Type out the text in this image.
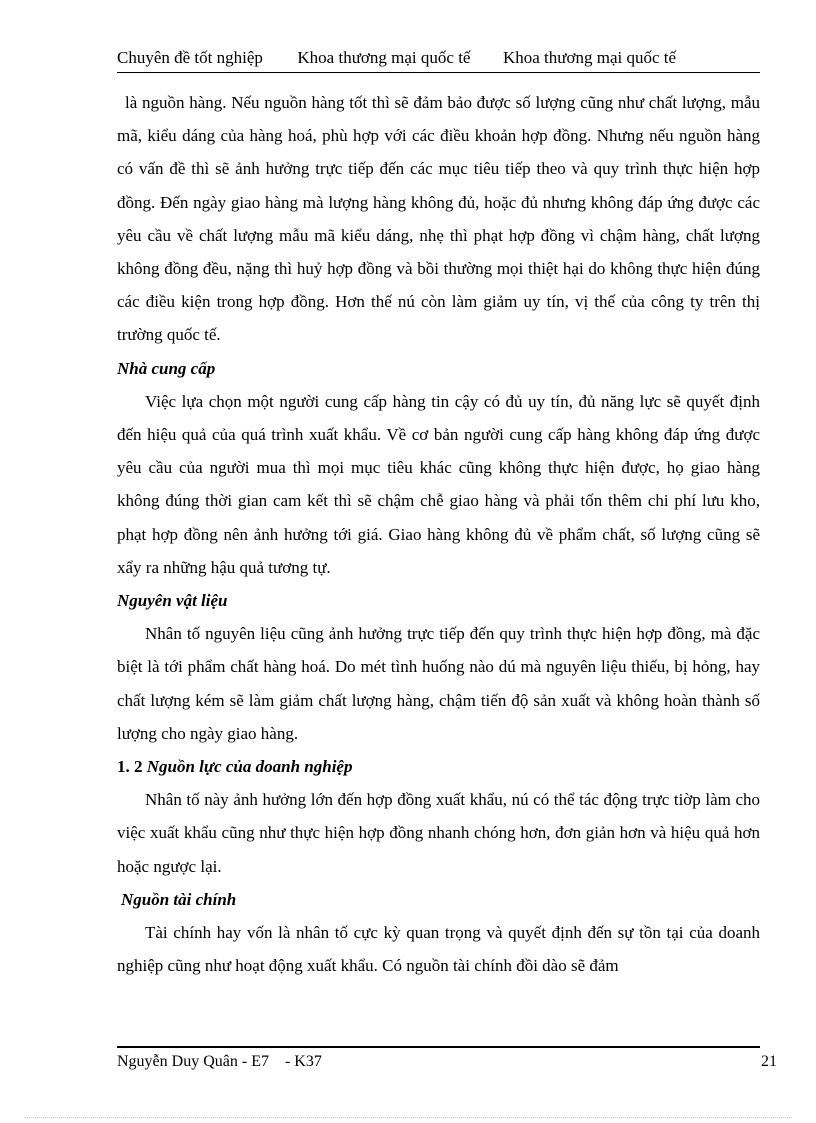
Chuyên đề tốt nghiệp Khoa thương mại quốc tế Khoa thương mại quốc tế

là nguồn hàng. Nếu nguồn hàng tốt thì sẽ đảm bảo được số lượng cũng như chất lượng, mẫu mã, kiểu dáng của hàng hoá, phù hợp với các điều khoản hợp đồng. Nhưng nếu nguồn hàng có vấn đề thì sẽ ảnh hưởng trực tiếp đến các mục tiêu tiếp theo và quy trình thực hiện hợp đồng. Đến ngày giao hàng mà lượng hàng không đủ, hoặc đủ nhưng không đáp ứng được các yêu cầu về chất lượng mẫu mã kiểu dáng, nhẹ thì phạt hợp đồng vì chậm hàng, chất lượng không đồng đều, nặng thì huỷ hợp đồng và bồi thường mọi thiệt hại do không thực hiện đúng các điều kiện trong hợp đồng. Hơn thế nú còn làm giảm uy tín, vị thế của công ty trên thị trường quốc tế.

Nhà cung cấp

Việc lựa chọn một người cung cấp hàng tin cậy có đủ uy tín, đủ năng lực sẽ quyết định đến hiệu quả của quá trình xuất khẩu. Về cơ bản người cung cấp hàng không đáp ứng được yêu cầu của người mua thì mọi mục tiêu khác cũng không thực hiện được, họ giao hàng không đúng thời gian cam kết thì sẽ chậm chễ giao hàng và phải tốn thêm chi phí lưu kho, phạt hợp đồng nên ảnh hưởng tới giá. Giao hàng không đủ về phẩm chất, số lượng cũng sẽ xẩy ra những hậu quả tương tự.

Nguyên vật liệu

Nhân tố nguyên liệu cũng ảnh hưởng trực tiếp đến quy trình thực hiện hợp đồng, mà đặc biệt là tới phẩm chất hàng hoá. Do mét tình huống nào dú mà nguyên liệu thiếu, bị hỏng, hay chất lượng kém sẽ làm giảm chất lượng hàng, chậm tiến độ sản xuất và không hoàn thành số lượng cho ngày giao hàng.

1. 2 Nguồn lực của doanh nghiệp

Nhân tố này ảnh hưởng lớn đến hợp đồng xuất khẩu, nú có thể tác động trực tiờp làm cho việc xuất khẩu cũng như thực hiện hợp đồng nhanh chóng hơn, đơn giản hơn và hiệu quả hơn hoặc ngược lại.

Nguồn tài chính

Tài chính hay vốn là nhân tố cực kỳ quan trọng và quyết định đến sự tồn tại của doanh nghiệp cũng như hoạt động xuất khẩu. Có nguồn tài chính đồi dào sẽ đảm

Nguyễn Duy Quân - E7    - K37	21
